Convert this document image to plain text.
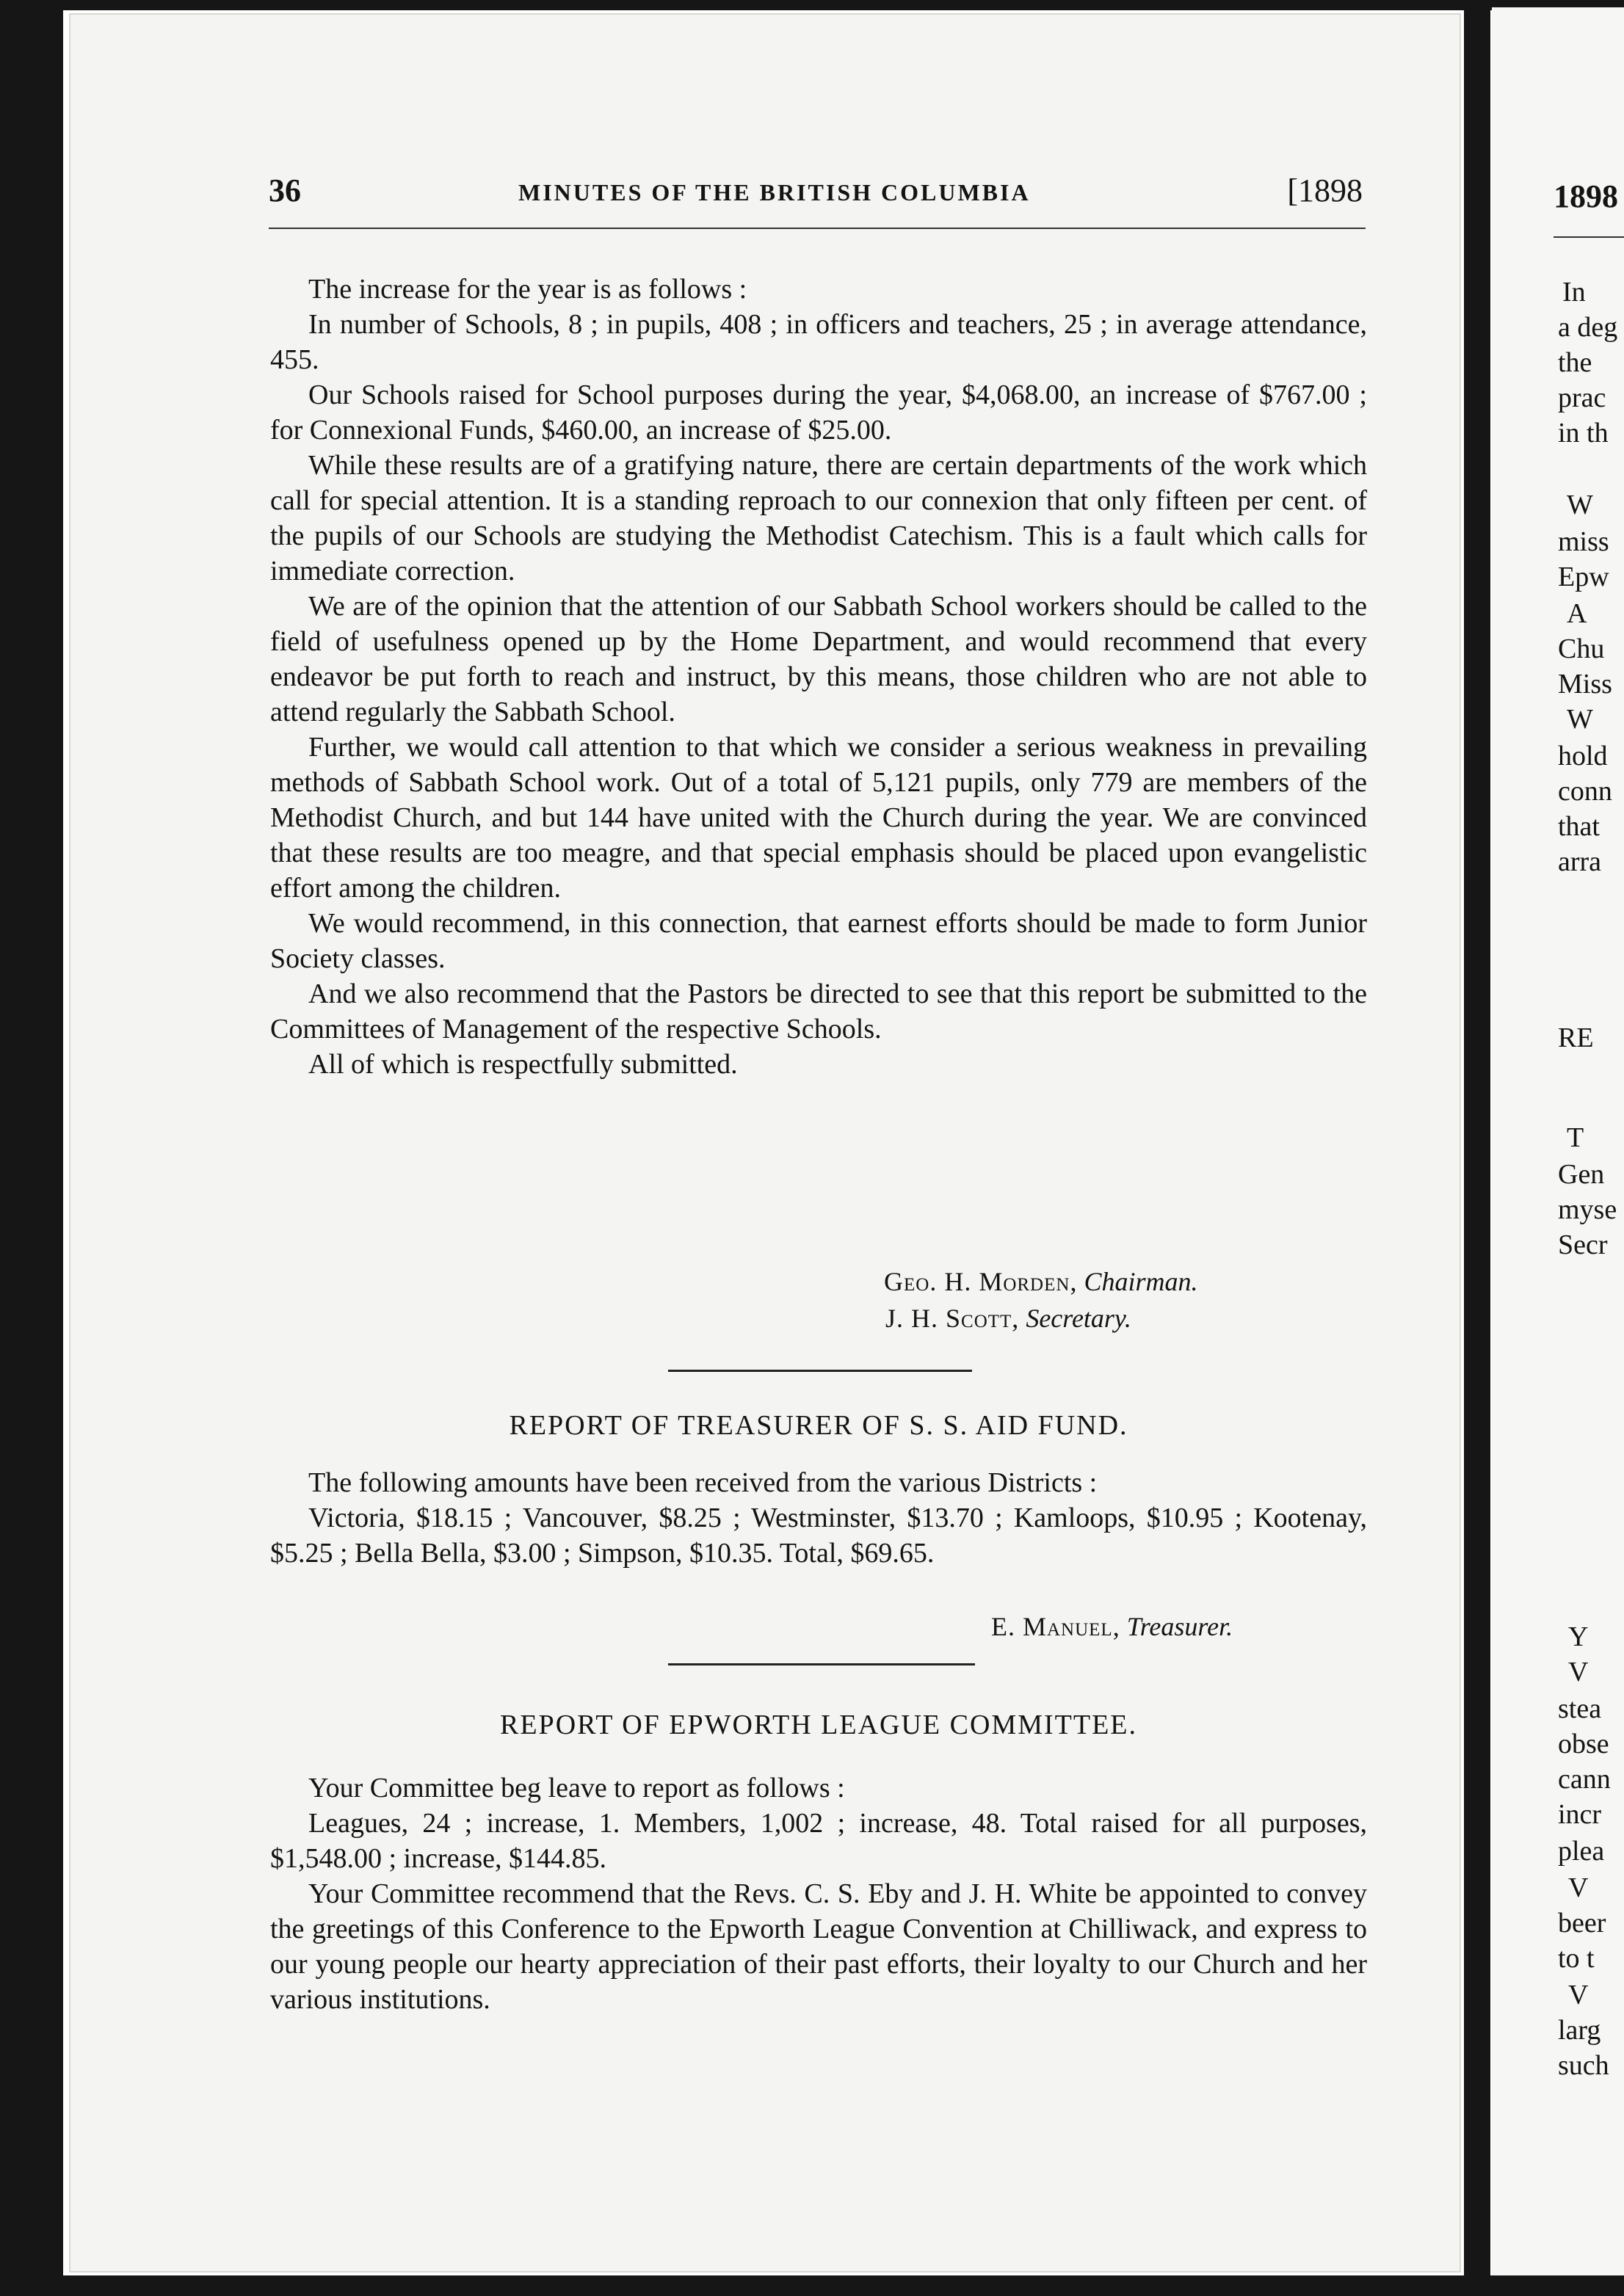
36	MINUTES OF THE BRITISH COLUMBIA	[1898

The increase for the year is as follows :

In number of Schools, 8 ; in pupils, 408 ; in officers and teachers, 25 ; in average attendance, 455.

Our Schools raised for School purposes during the year, $4,068.00, an increase of $767.00 ; for Connexional Funds, $460.00, an increase of $25.00.

While these results are of a gratifying nature, there are certain departments of the work which call for special attention. It is a standing reproach to our connexion that only fifteen per cent. of the pupils of our Schools are studying the Methodist Catechism. This is a fault which calls for immediate correction.

We are of the opinion that the attention of our Sabbath School workers should be called to the field of usefulness opened up by the Home Department, and would recommend that every endeavor be put forth to reach and instruct, by this means, those children who are not able to attend regularly the Sabbath School.

Further, we would call attention to that which we consider a serious weakness in prevailing methods of Sabbath School work. Out of a total of 5,121 pupils, only 779 are members of the Methodist Church, and but 144 have united with the Church during the year. We are convinced that these results are too meagre, and that special emphasis should be placed upon evangelistic effort among the children.

We would recommend, in this connection, that earnest efforts should be made to form Junior Society classes.

And we also recommend that the Pastors be directed to see that this report be submitted to the Committees of Management of the respective Schools.

All of which is respectfully submitted.

Geo. H. Morden, Chairman.
J. H. Scott, Secretary.
REPORT OF TREASURER OF S. S. AID FUND.

The following amounts have been received from the various Districts :

Victoria, $18.15 ; Vancouver, $8.25 ; Westminster, $13.70 ; Kamloops, $10.95 ; Kootenay, $5.25 ; Bella Bella, $3.00 ; Simpson, $10.35. Total, $69.65.

E. Manuel, Treasurer.
REPORT OF EPWORTH LEAGUE COMMITTEE.

Your Committee beg leave to report as follows :

Leagues, 24 ; increase, 1. Members, 1,002 ; increase, 48. Total raised for all purposes, $1,548.00 ; increase, $144.85.

Your Committee recommend that the Revs. C. S. Eby and J. H. White be appointed to convey the greetings of this Conference to the Epworth League Convention at Chilliwack, and express to our young people our hearty appreciation of their past efforts, their loyalty to our Church and her various institutions.

1898
In
a deg
the
prac
in th
W
miss
Epw
A
Chu
Miss
W
hold
conn
that
arra
RE
T
Gen
myse
Secr
Y
V
stea
obse
cann
incr
plea
V
beer
to t
V
larg
such
